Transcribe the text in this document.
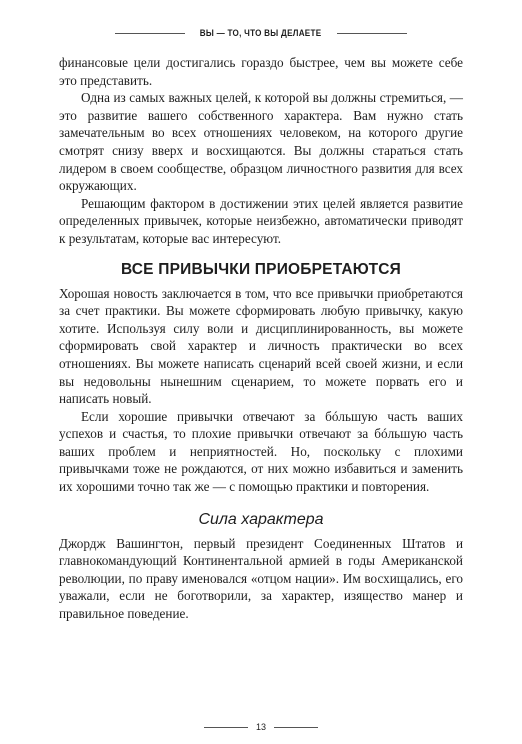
ВЫ — ТО, ЧТО ВЫ ДЕЛАЕТЕ

финансовые цели достигались гораздо быстрее, чем вы можете себе это представить.

Одна из самых важных целей, к которой вы должны стремиться, — это развитие вашего собственного характера. Вам нужно стать замечательным во всех отношениях человеком, на которого другие смотрят снизу вверх и восхищаются. Вы должны стараться стать лидером в своем сообществе, образцом личностного развития для всех окружающих.

Решающим фактором в достижении этих целей является развитие определенных привычек, которые неизбежно, автоматически приводят к результатам, которые вас интересуют.

ВСЕ ПРИВЫЧКИ ПРИОБРЕТАЮТСЯ

Хорошая новость заключается в том, что все привычки приобретаются за счет практики. Вы можете сформировать любую привычку, какую хотите. Используя силу воли и дисциплинированность, вы можете сформировать свой характер и личность практически во всех отношениях. Вы можете написать сценарий всей своей жизни, и если вы недовольны нынешним сценарием, то можете порвать его и написать новый.

Если хорошие привычки отвечают за бóльшую часть ваших успехов и счастья, то плохие привычки отвечают за бóльшую часть ваших проблем и неприятностей. Но, поскольку с плохими привычками тоже не рождаются, от них можно избавиться и заменить их хорошими точно так же — с помощью практики и повторения.

Сила характера

Джордж Вашингтон, первый президент Соединенных Штатов и главнокомандующий Континентальной армией в годы Американской революции, по праву именовался «отцом нации». Им восхищались, его уважали, если не боготворили, за характер, изящество манер и правильное поведение.

13
